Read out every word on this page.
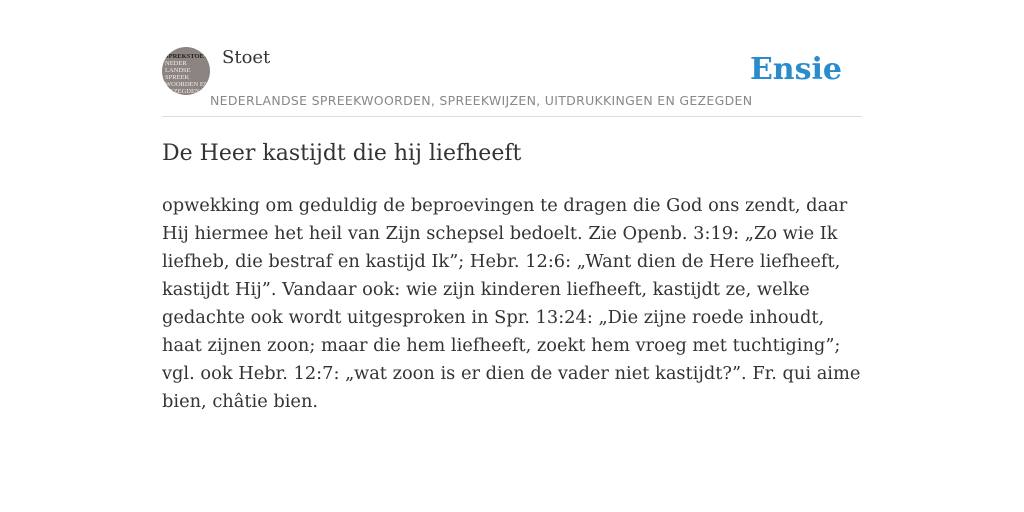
SPREKSTOET
NEDER
LANDSE
SPREEK
WOORDEN EN
GEZEGDEN
Stoet
NEDERLANDSE SPREEKWOORDEN, SPREEKWIJZEN, UITDRUKKINGEN EN GEZEGDEN
Ensie
De Heer kastijdt die hij liefheeft

opwekking om geduldig de beproevingen te dragen die God ons zendt, daar Hij hiermee het heil van Zijn schepsel bedoelt. Zie Openb. 3:19: „Zo wie Ik liefheb, die bestraf en kastijd Ik”; Hebr. 12:6: „Want dien de Here liefheeft, kastijdt Hij”. Vandaar ook: wie zijn kinderen liefheeft, kastijdt ze, welke gedachte ook wordt uitgesproken in Spr. 13:24: „Die zijne roede inhoudt, haat zijnen zoon; maar die hem liefheeft, zoekt hem vroeg met tuchtiging”; vgl. ook Hebr. 12:7: „wat zoon is er dien de vader niet kastijdt?”. Fr. qui aime bien, châtie bien.
